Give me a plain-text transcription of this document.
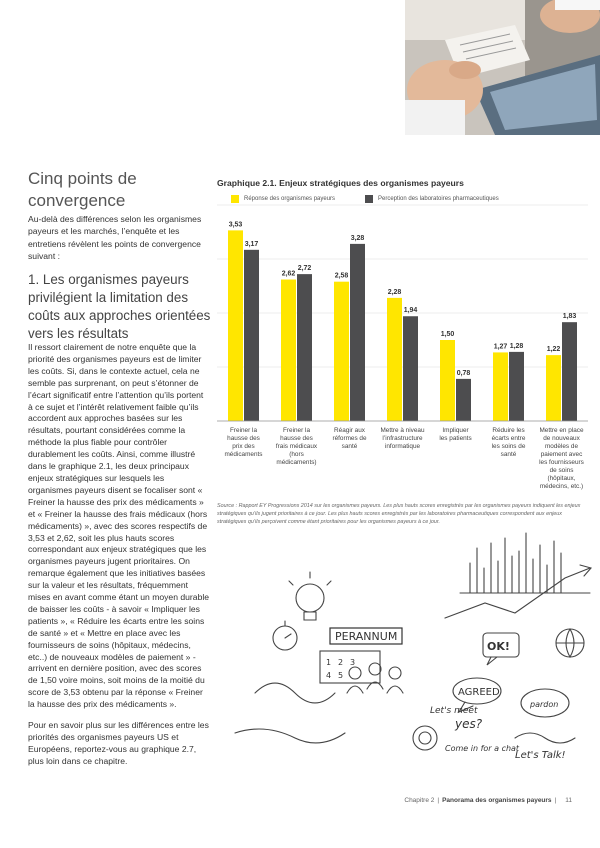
Cinq points de convergence

Au-delà des différences selon les organismes payeurs et les marchés, l’enquête et les entretiens révèlent les points de convergence suivant :

1. Les organismes payeurs privilégient la limitation des coûts aux approches orientées vers les résultats

Il ressort clairement de notre enquête que la priorité des organismes payeurs est de limiter les coûts. Si, dans le contexte actuel, cela ne semble pas surprenant, on peut s’étonner de l’écart significatif entre l’attention qu’ils portent à ce sujet et l’intérêt relativement faible qu’ils accordent aux approches basées sur les résultats, pourtant considérées comme la méthode la plus fiable pour contrôler durablement les coûts. Ainsi, comme illustré dans le graphique 2.1, les deux principaux enjeux stratégiques sur lesquels les organismes payeurs disent se focaliser sont « Freiner la hausse des prix des médicaments » et « Freiner la hausse des frais médicaux (hors médicaments) », avec des scores respectifs de 3,53 et 2,62, soit les plus hauts scores correspondant aux enjeux stratégiques que les organismes payeurs jugent prioritaires. On remarque également que les initiatives basées sur la valeur et les résultats, fréquemment mises en avant comme étant un moyen durable de baisser les coûts - à savoir « Impliquer les patients », « Réduire les écarts entre les soins de santé » et « Mettre en place avec les fournisseurs de soins (hôpitaux, médecins, etc..) de nouveaux modèles de paiement » - arrivent en dernière position, avec des scores de 1,50 voire moins, soit moins de la moitié du score de 3,53 obtenu par la réponse « Freiner la hausse des prix des médicaments ».

Pour en savoir plus sur les différences entre les priorités des organismes payeurs US et Européens, reportez-vous au graphique 2.7, plus loin dans ce chapitre.

Graphique 2.1. Enjeux stratégiques des organismes payeurs
Réponse des organismes payeurs	Perception des laboratoires pharmaceutiques
3,53
3,17
Freiner la hausse des prix des médicaments
2,62
2,72
Freiner la hausse des frais médicaux (hors médicaments)
2,58
3,28
Réagir aux réformes de santé
2,28
1,94
Mettre à niveau l’infrastructure informatique
1,50
0,78
Impliquer les patients
1,27 1,28
Réduire les écarts entre les soins de santé
1,22
1,83
Mettre en place de nouveaux modèles de paiement avec les fournisseurs de soins (hôpitaux, médecins, etc.)

Source : Rapport EY Progressions 2014 sur les organismes payeurs. Les plus hauts scores enregistrés par les organismes payeurs indiquent les enjeux stratégiques qu’ils jugent prioritaires à ce jour. Les plus hauts scores enregistrés par les laboratoires pharmaceutiques correspondent aux enjeux stratégiques qu’ils perçoivent comme étant prioritaires pour les organismes payeurs à ce jour.

PERANNUM
OK!
AGREED
yes?
Let's meet
Come in for a chat
Let's Talk!
pardon
1 2 3
4 5
Chapitre 2 | Panorama des organismes payeurs | 11
